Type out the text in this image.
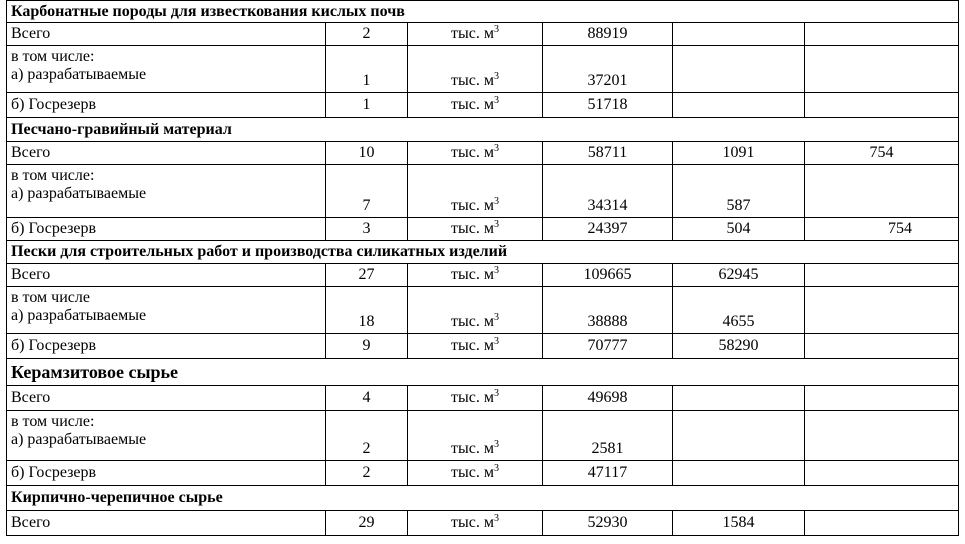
Карбонатные породы для известкования кислых почв					

Всего	2	тыс. $м^3$	88919		

в том числе:
а) разрабатываемые	1	тыс. $м^3$	37201		

б) Госрезерв	1	тыс. $м^3$	51718		
Песчано-гравийный материал					

Всего	10	тыс. $м^3$	58711	1091	754

в том числе:
а) разрабатываемые	7	тыс. $м^3$	34314	587	

б) Госрезерв	3	тыс. $м^3$	24397	504	754
Пески для строительных работ и производства силикатных изделий					

Всего	27	тыс. $м^3$	109665	62945	

в том числе
а) разрабатываемые	18	тыс. $м^3$	38888	4655	

б) Госрезерв	9	тыс. $м^3$	70777	58290	
Керамзитовое сырье					

Всего	4	тыс. $м^3$	49698		

в том числе:
а) разрабатываемые	2	тыс. $м^3$	2581		

б) Госрезерв	2	тыс. $м^3$	47117		
Кирпично-черепичное сырье					

Всего	29	тыс. $м^3$	52930	1584	
